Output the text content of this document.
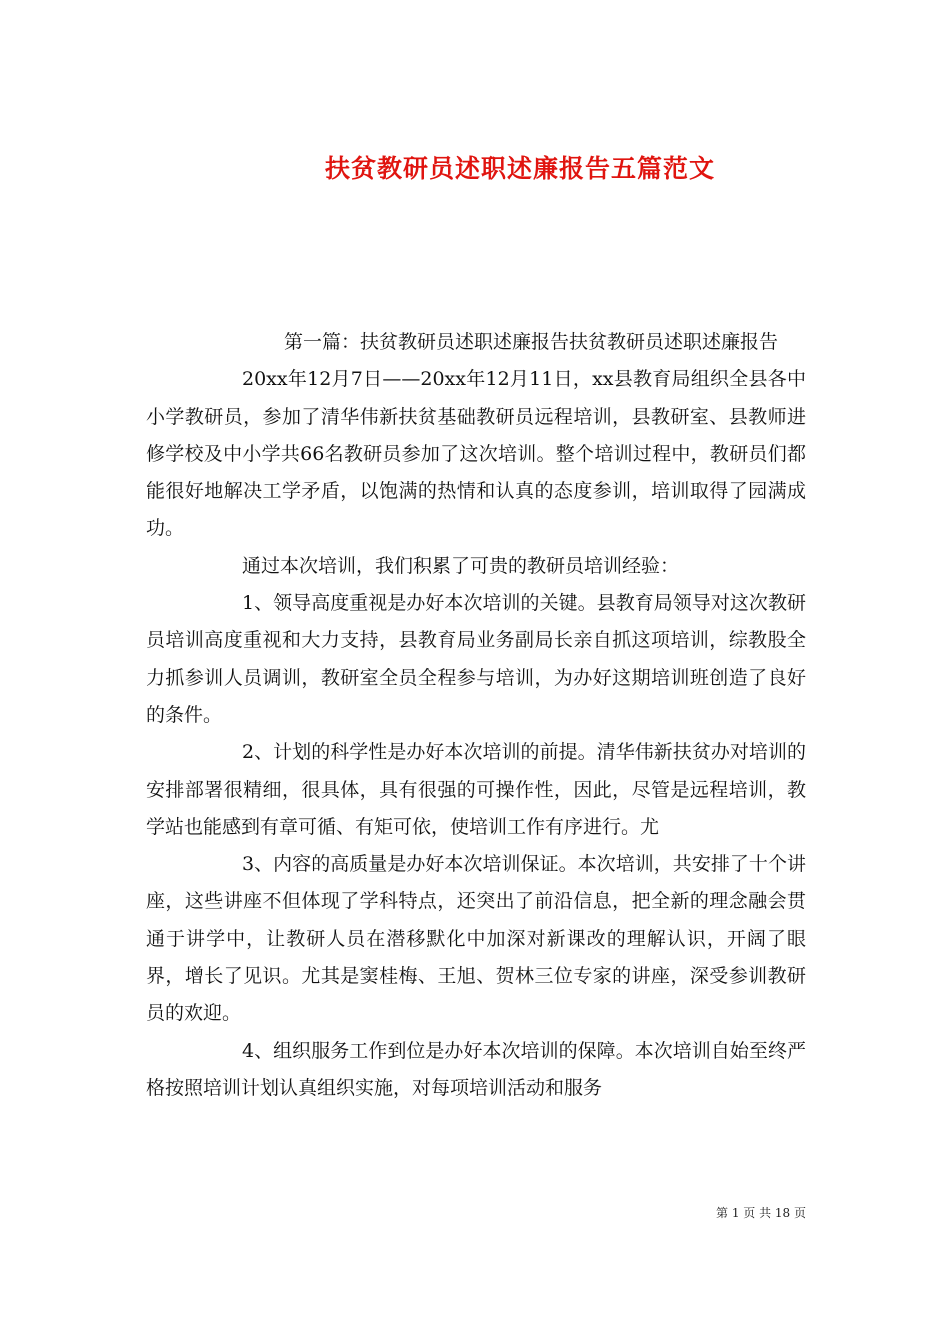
扶贫教研员述职述廉报告五篇范文

第一篇：扶贫教研员述职述廉报告扶贫教研员述职述廉报告

20xx年12月7日——20xx年12月11日，xx县教育局组织全县各中小学教研员，参加了清华伟新扶贫基础教研员远程培训，县教研室、县教师进修学校及中小学共66名教研员参加了这次培训。整个培训过程中，教研员们都能很好地解决工学矛盾，以饱满的热情和认真的态度参训，培训取得了园满成功。

通过本次培训，我们积累了可贵的教研员培训经验：

1、领导高度重视是办好本次培训的关键。县教育局领导对这次教研员培训高度重视和大力支持，县教育局业务副局长亲自抓这项培训，综教股全力抓参训人员调训，教研室全员全程参与培训，为办好这期培训班创造了良好的条件。

2、计划的科学性是办好本次培训的前提。清华伟新扶贫办对培训的安排部署很精细，很具体，具有很强的可操作性，因此，尽管是远程培训，教学站也能感到有章可循、有矩可依，使培训工作有序进行。尤

3、内容的高质量是办好本次培训保证。本次培训，共安排了十个讲座，这些讲座不但体现了学科特点，还突出了前沿信息，把全新的理念融会贯通于讲学中，让教研人员在潜移默化中加深对新课改的理解认识，开阔了眼界，增长了见识。尤其是窦桂梅、王旭、贺林三位专家的讲座，深受参训教研员的欢迎。

4、组织服务工作到位是办好本次培训的保障。本次培训自始至终严格按照培训计划认真组织实施，对每项培训活动和服务

第 1 页 共 18 页
